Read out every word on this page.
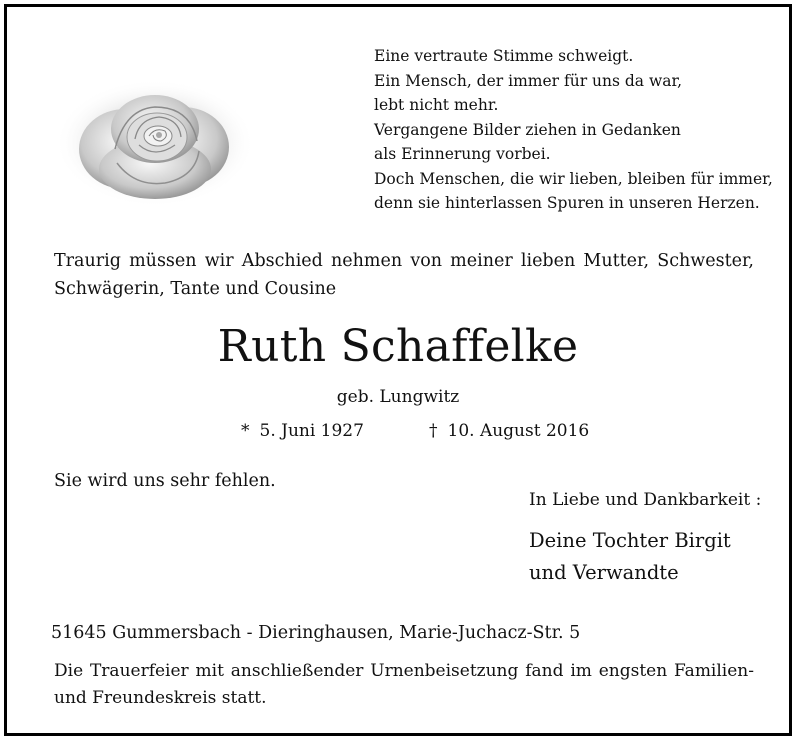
Eine vertraute Stimme schweigt.
Ein Mensch, der immer für uns da war,
lebt nicht mehr.
Vergangene Bilder ziehen in Gedanken
als Erinnerung vorbei.
Doch Menschen, die wir lieben, bleiben für immer,
denn sie hinterlassen Spuren in unseren Herzen.

Traurig müssen wir Abschied nehmen von meiner lieben Mutter, Schwester, Schwägerin, Tante und Cousine

Ruth Schaffelke
geb. Lungwitz
* 5. Juni 1927	† 10. August 2016
Sie wird uns sehr fehlen.
In Liebe und Dankbarkeit :
Deine Tochter Birgit
und Verwandte
51645 Gummersbach - Dieringhausen, Marie-Juchacz-Str. 5

Die Trauerfeier mit anschließender Urnenbeisetzung fand im engsten Familien- und Freundeskreis statt.
